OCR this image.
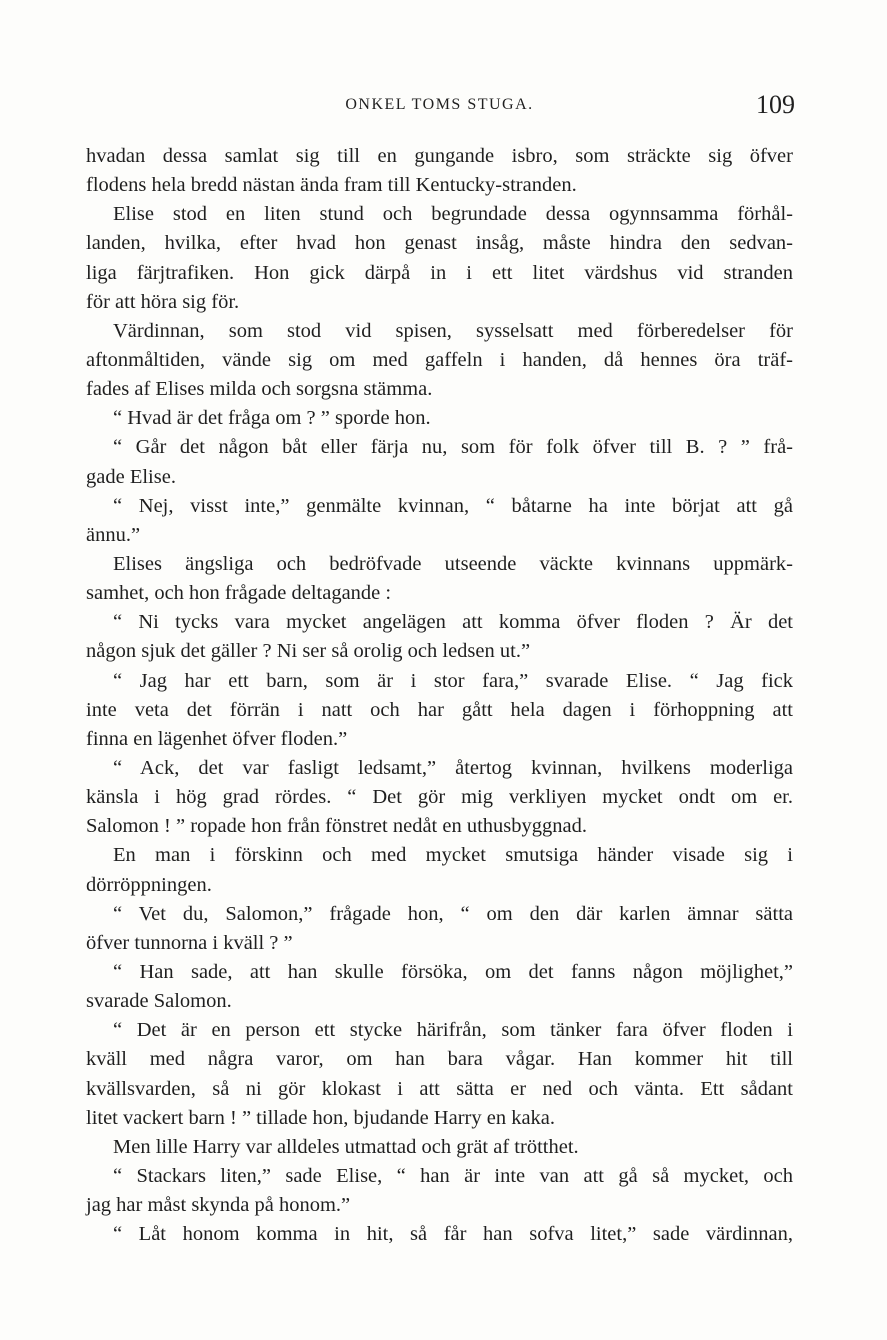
ONKEL TOMS STUGA.	109
hvadan dessa samlat sig till en gungande isbro, som sträckte sig öfver
flodens hela bredd nästan ända fram till Kentucky-stranden.
Elise stod en liten stund och begrundade dessa ogynnsamma förhål-
landen, hvilka, efter hvad hon genast insåg, måste hindra den sedvan-
liga färjtrafiken. Hon gick därpå in i ett litet värdshus vid stranden
för att höra sig för.
Värdinnan, som stod vid spisen, sysselsatt med förberedelser för
aftonmåltiden, vände sig om med gaffeln i handen, då hennes öra träf-
fades af Elises milda och sorgsna stämma.
“ Hvad är det fråga om ? ” sporde hon.
“ Går det någon båt eller färja nu, som för folk öfver till B. ? ” frå-
gade Elise.
“ Nej, visst inte,” genmälte kvinnan, “ båtarne ha inte börjat att gå
ännu.”
Elises ängsliga och bedröfvade utseende väckte kvinnans uppmärk-
samhet, och hon frågade deltagande :
“ Ni tycks vara mycket angelägen att komma öfver floden ? Är det
någon sjuk det gäller ? Ni ser så orolig och ledsen ut.”
“ Jag har ett barn, som är i stor fara,” svarade Elise. “ Jag fick
inte veta det förrän i natt och har gått hela dagen i förhoppning att
finna en lägenhet öfver floden.”
“ Ack, det var fasligt ledsamt,” återtog kvinnan, hvilkens moderliga
känsla i hög grad rördes. “ Det gör mig verkliyen mycket ondt om er.
Salomon ! ” ropade hon från fönstret nedåt en uthusbyggnad.
En man i förskinn och med mycket smutsiga händer visade sig i
dörröppningen.
“ Vet du, Salomon,” frågade hon, “ om den där karlen ämnar sätta
öfver tunnorna i kväll ? ”
“ Han sade, att han skulle försöka, om det fanns någon möjlighet,”
svarade Salomon.
“ Det är en person ett stycke härifrån, som tänker fara öfver floden i
kväll med några varor, om han bara vågar. Han kommer hit till
kvällsvarden, så ni gör klokast i att sätta er ned och vänta. Ett sådant
litet vackert barn ! ” tillade hon, bjudande Harry en kaka.
Men lille Harry var alldeles utmattad och grät af trötthet.
“ Stackars liten,” sade Elise, “ han är inte van att gå så mycket, och
jag har måst skynda på honom.”
“ Låt honom komma in hit, så får han sofva litet,” sade värdinnan,
